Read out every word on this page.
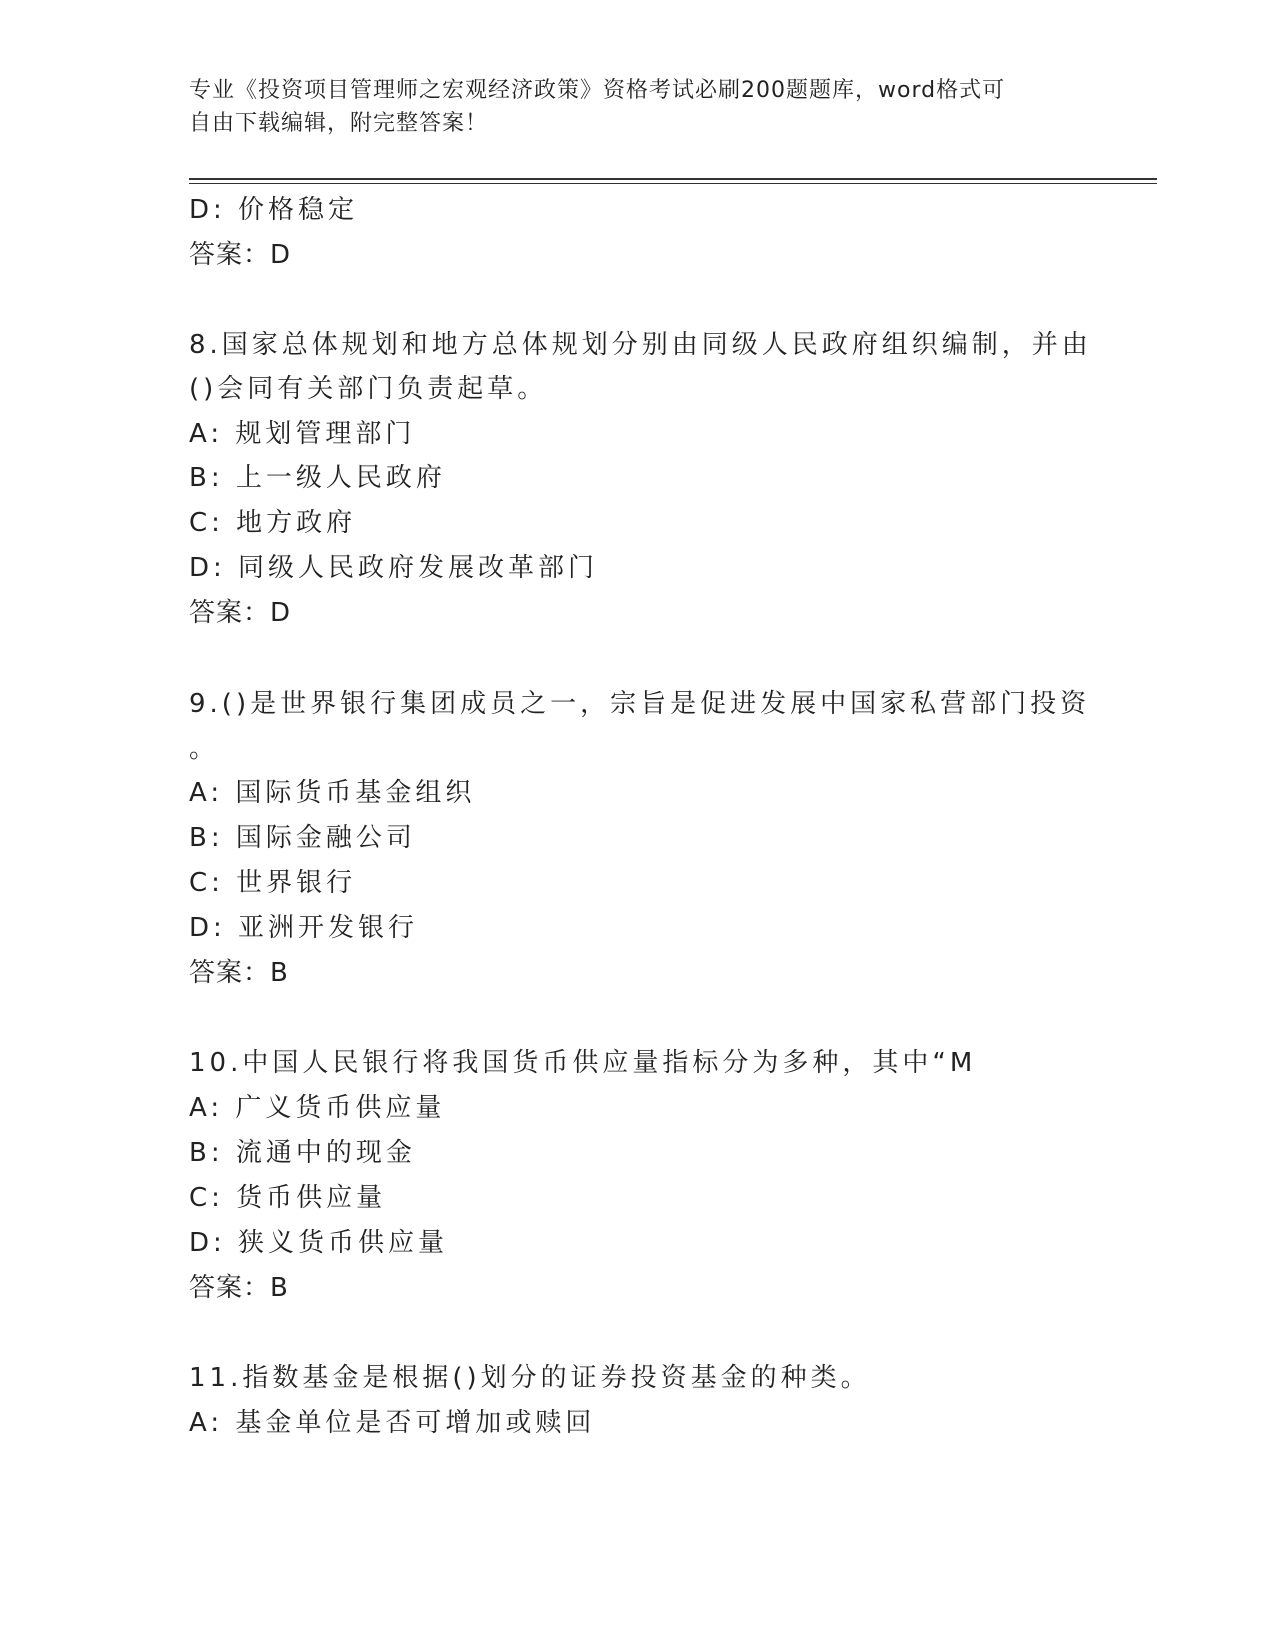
专业《投资项目管理师之宏观经济政策》资格考试必刷200题题库，word格式可
自由下载编辑，附完整答案！
D: 价格稳定
答案：D
8.国家总体规划和地方总体规划分别由同级人民政府组织编制，并由
()会同有关部门负责起草。
A: 规划管理部门
B: 上一级人民政府
C: 地方政府
D: 同级人民政府发展改革部门
答案：D
9.()是世界银行集团成员之一，宗旨是促进发展中国家私营部门投资
。
A: 国际货币基金组织
B: 国际金融公司
C: 世界银行
D: 亚洲开发银行
答案：B
10.中国人民银行将我国货币供应量指标分为多种，其中“M
A: 广义货币供应量
B: 流通中的现金
C: 货币供应量
D: 狭义货币供应量
答案：B
11.指数基金是根据()划分的证券投资基金的种类。
A: 基金单位是否可增加或赎回
